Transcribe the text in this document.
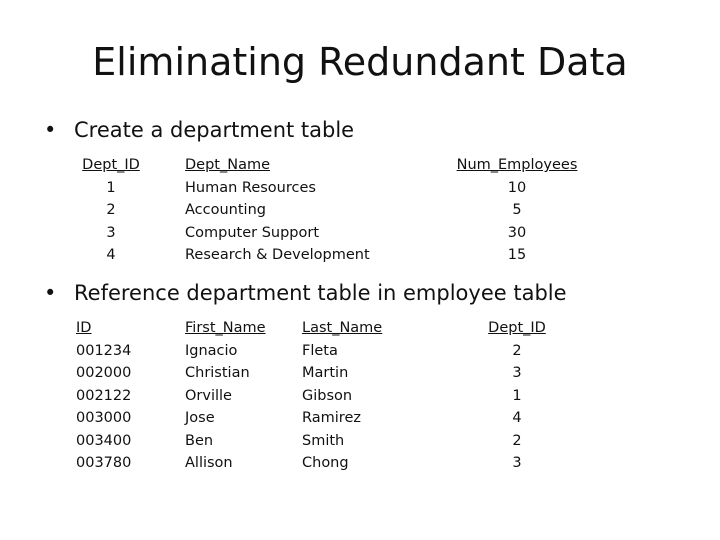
Eliminating Redundant Data
• Create a department table
Dept_ID
1
2
3
4
Dept_Name
Human Resources
Accounting
Computer Support
Research & Development
Num_Employees
10
5
30
15
• Reference department table in employee table
ID
001234
002000
002122
003000
003400
003780
First_Name
Ignacio
Christian
Orville
Jose
Ben
Allison
Last_Name
Fleta
Martin
Gibson
Ramirez
Smith
Chong
Dept_ID
2
3
1
4
2
3
